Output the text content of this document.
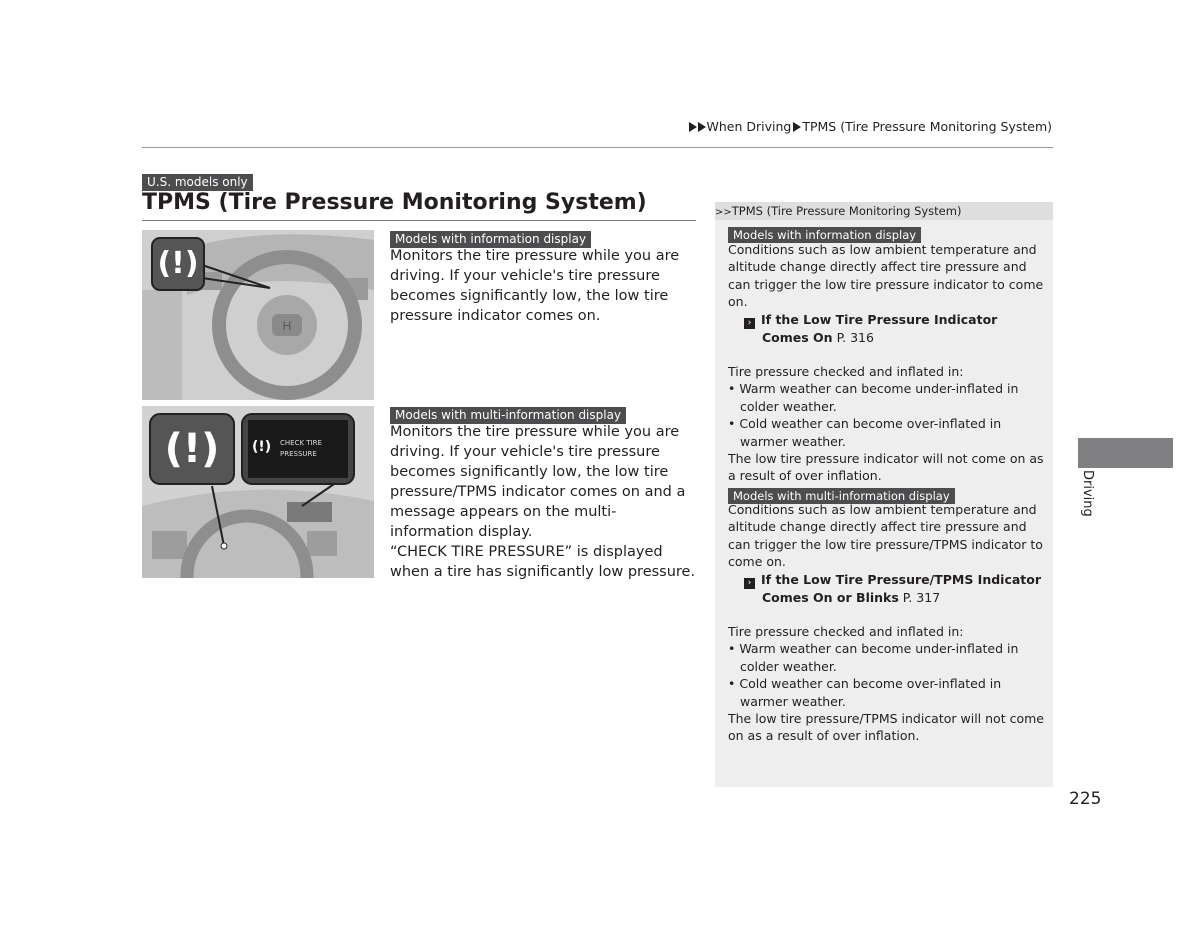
When Driving TPMS (Tire Pressure Monitoring System)
U.S. models only
TPMS (Tire Pressure Monitoring System)
H
(!)
(!)	(!) CHECK TIRE
PRESSURE
Models with information display
Monitors the tire pressure while you are driving. If your vehicle's tire pressure becomes significantly low, the low tire pressure indicator comes on.
Models with multi-information display
Monitors the tire pressure while you are driving. If your vehicle's tire pressure becomes significantly low, the low tire pressure/TPMS indicator comes on and a message appears on the multi-information display.
“CHECK TIRE PRESSURE” is displayed when a tire has significantly low pressure.
>>TPMS (Tire Pressure Monitoring System)
Models with information display

Conditions such as low ambient temperature and altitude change directly affect tire pressure and can trigger the low tire pressure indicator to come on.

› If the Low Tire Pressure Indicator Comes On P. 316

Tire pressure checked and inflated in:

• Warm weather can become under-inflated in colder weather.

• Cold weather can become over-inflated in warmer weather.

The low tire pressure indicator will not come on as a result of over inflation.

Models with multi-information display

Conditions such as low ambient temperature and altitude change directly affect tire pressure and can trigger the low tire pressure/TPMS indicator to come on.

› If the Low Tire Pressure/TPMS Indicator Comes On or Blinks P. 317

Tire pressure checked and inflated in:

• Warm weather can become under-inflated in colder weather.

• Cold weather can become over-inflated in warmer weather.

The low tire pressure/TPMS indicator will not come on as a result of over inflation.

Driving
225
